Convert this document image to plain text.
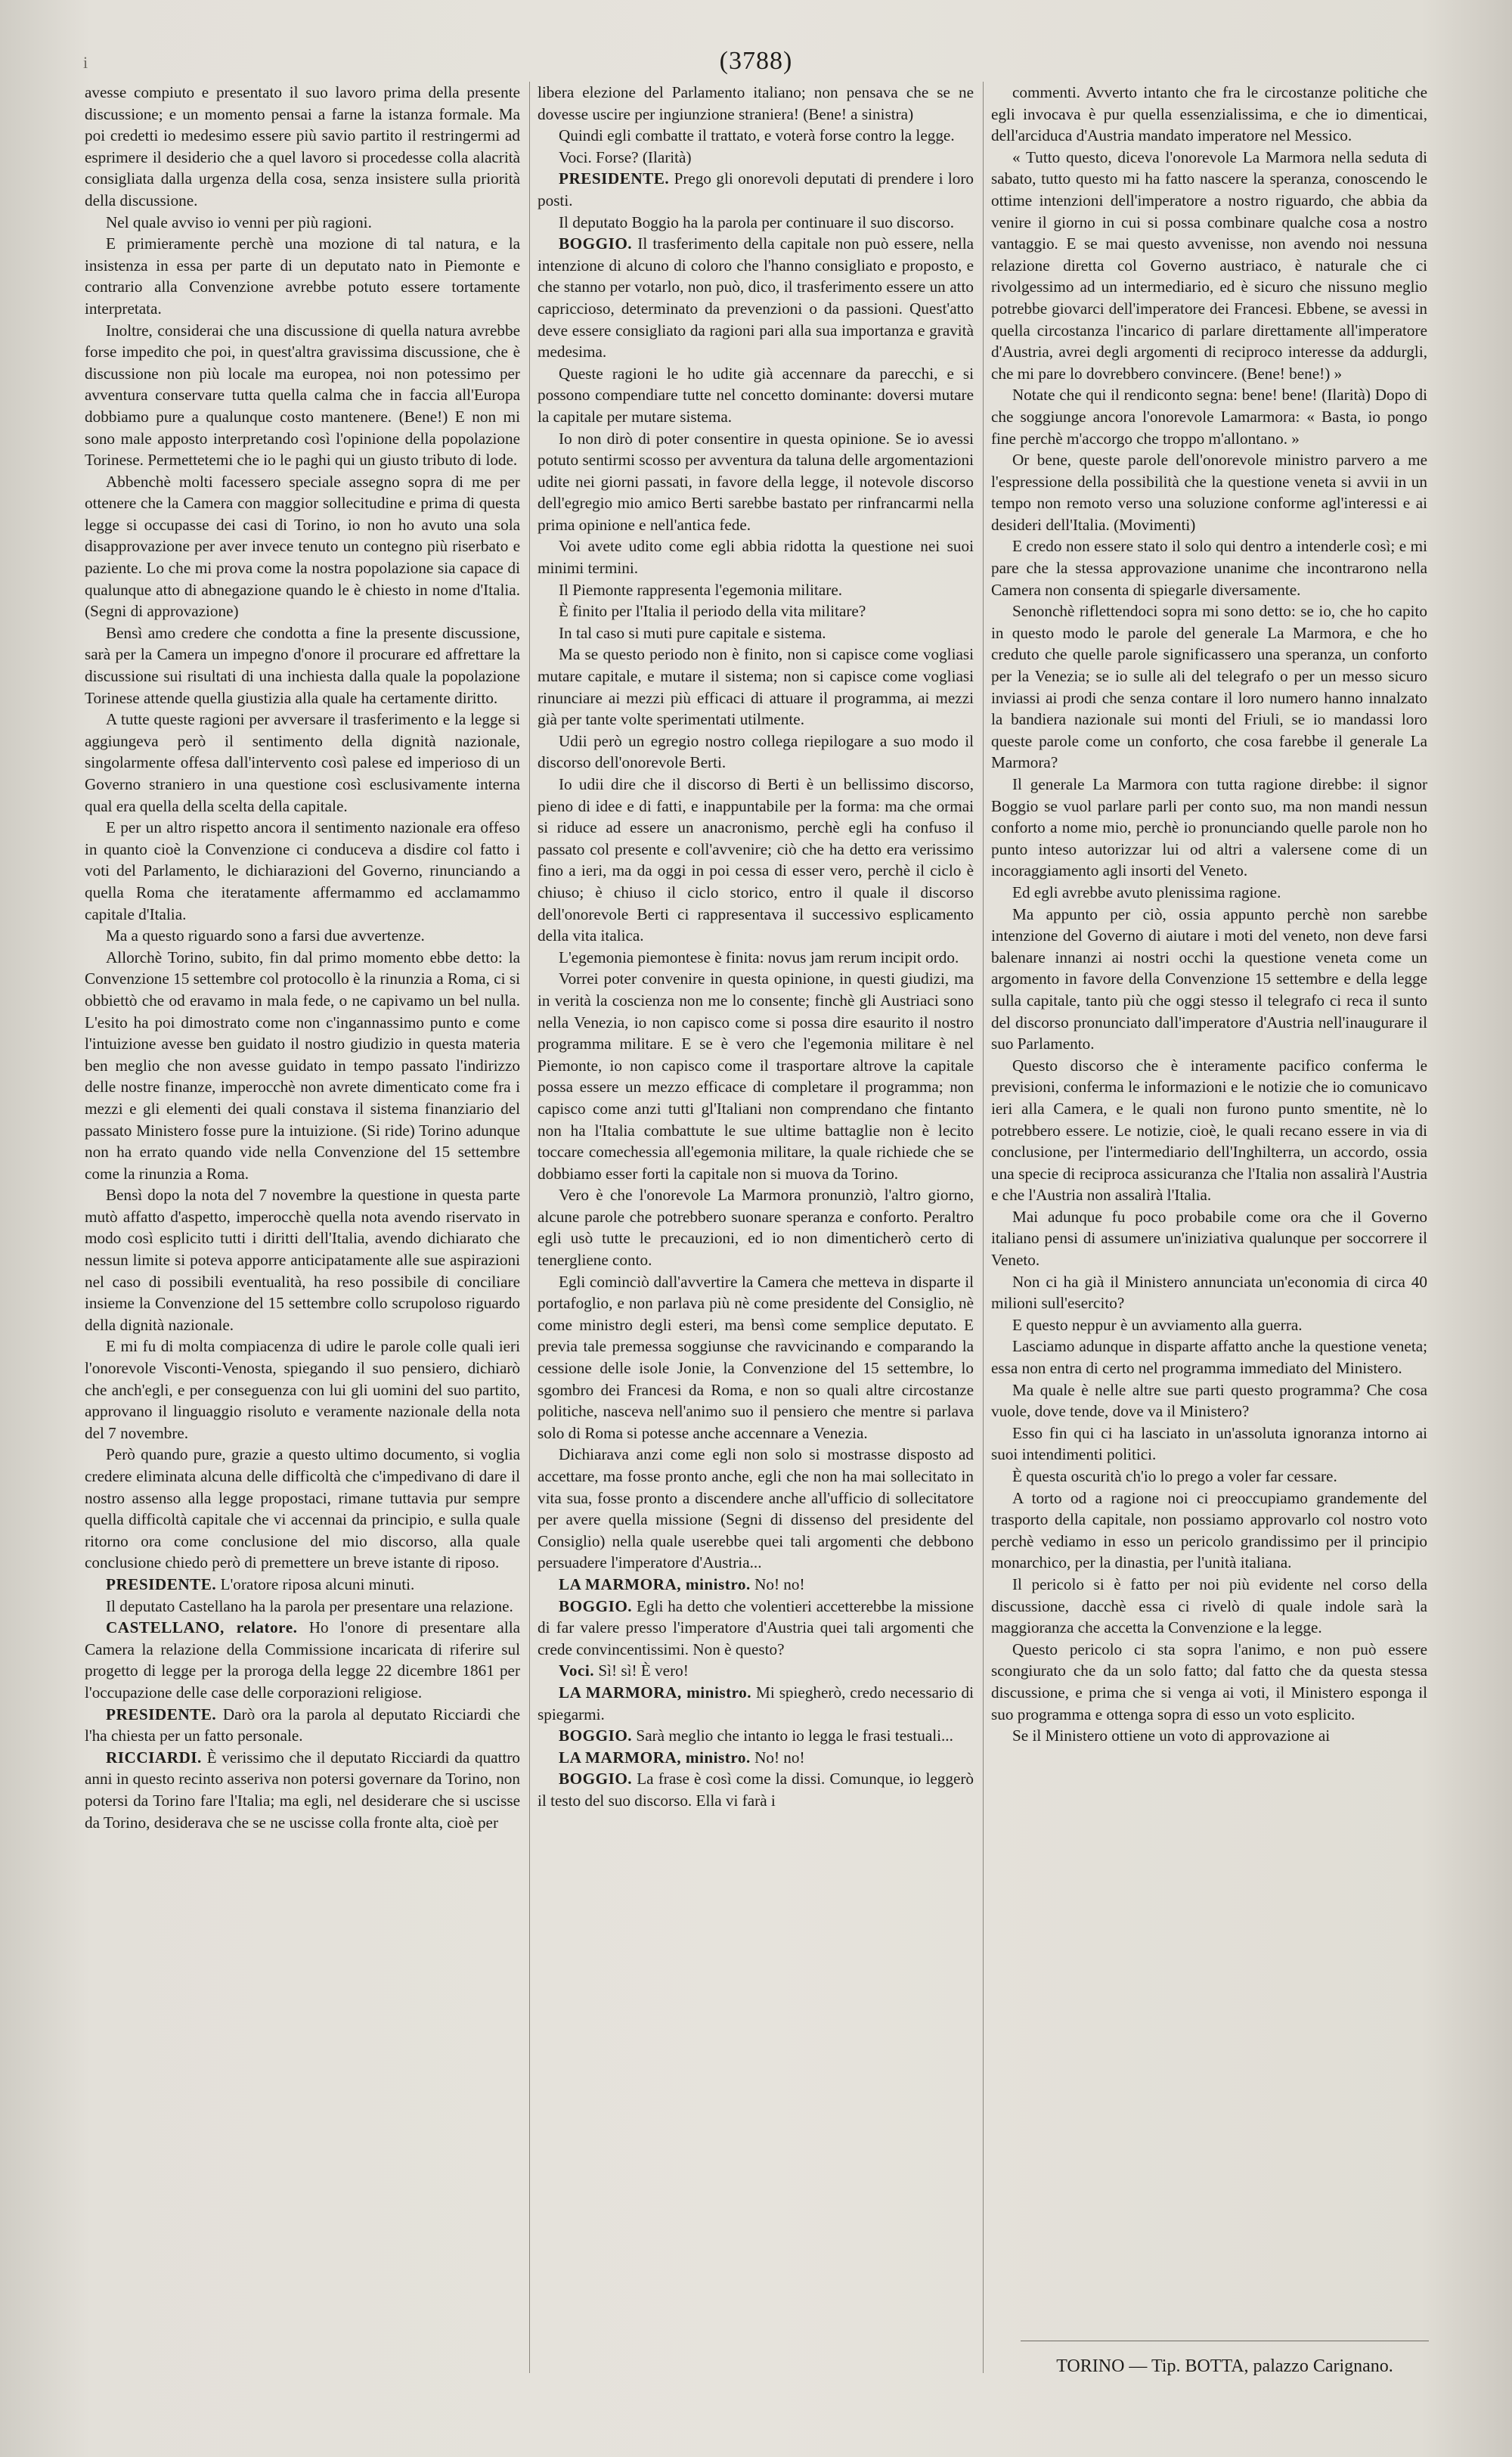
i	(3788)

avesse compiuto e presentato il suo lavoro prima della presente discussione; e un momento pensai a farne la istanza formale. Ma poi credetti io medesimo essere più savio partito il restringermi ad esprimere il desiderio che a quel lavoro si procedesse colla alacrità consigliata dalla urgenza della cosa, senza insistere sulla priorità della discussione.

Nel quale avviso io venni per più ragioni.

E primieramente perchè una mozione di tal natura, e la insistenza in essa per parte di un deputato nato in Piemonte e contrario alla Convenzione avrebbe potuto essere tortamente interpretata.

Inoltre, considerai che una discussione di quella natura avrebbe forse impedito che poi, in quest'altra gravissima discussione, che è discussione non più locale ma europea, noi non potessimo per avventura conservare tutta quella calma che in faccia all'Europa dobbiamo pure a qualunque costo mantenere. (Bene!) E non mi sono male apposto interpretando così l'opinione della popolazione Torinese. Permettetemi che io le paghi qui un giusto tributo di lode.

Abbenchè molti facessero speciale assegno sopra di me per ottenere che la Camera con maggior sollecitudine e prima di questa legge si occupasse dei casi di Torino, io non ho avuto una sola disapprovazione per aver invece tenuto un contegno più riserbato e paziente. Lo che mi prova come la nostra popolazione sia capace di qualunque atto di abnegazione quando le è chiesto in nome d'Italia. (Segni di approvazione)

Bensì amo credere che condotta a fine la presente discussione, sarà per la Camera un impegno d'onore il procurare ed affrettare la discussione sui risultati di una inchiesta dalla quale la popolazione Torinese attende quella giustizia alla quale ha certamente diritto.

A tutte queste ragioni per avversare il trasferimento e la legge si aggiungeva però il sentimento della dignità nazionale, singolarmente offesa dall'intervento così palese ed imperioso di un Governo straniero in una questione così esclusivamente interna qual era quella della scelta della capitale.

E per un altro rispetto ancora il sentimento nazionale era offeso in quanto cioè la Convenzione ci conduceva a disdire col fatto i voti del Parlamento, le dichiarazioni del Governo, rinunciando a quella Roma che iteratamente affermammo ed acclamammo capitale d'Italia.

Ma a questo riguardo sono a farsi due avvertenze.

Allorchè Torino, subito, fin dal primo momento ebbe detto: la Convenzione 15 settembre col protocollo è la rinunzia a Roma, ci si obbiettò che od eravamo in mala fede, o ne capivamo un bel nulla. L'esito ha poi dimostrato come non c'ingannassimo punto e come l'intuizione avesse ben guidato il nostro giudizio in questa materia ben meglio che non avesse guidato in tempo passato l'indirizzo delle nostre finanze, imperocchè non avrete dimenticato come fra i mezzi e gli elementi dei quali constava il sistema finanziario del passato Ministero fosse pure la intuizione. (Si ride) Torino adunque non ha errato quando vide nella Convenzione del 15 settembre come la rinunzia a Roma.

Bensì dopo la nota del 7 novembre la questione in questa parte mutò affatto d'aspetto, imperocchè quella nota avendo riservato in modo così esplicito tutti i diritti dell'Italia, avendo dichiarato che nessun limite si poteva apporre anticipatamente alle sue aspirazioni nel caso di possibili eventualità, ha reso possibile di conciliare insieme la Convenzione del 15 settembre collo scrupoloso riguardo della dignità nazionale.

E mi fu di molta compiacenza di udire le parole colle quali ieri l'onorevole Visconti-Venosta, spiegando il suo pensiero, dichiarò che anch'egli, e per conseguenza con lui gli uomini del suo partito, approvano il linguaggio risoluto e veramente nazionale della nota del 7 novembre.

Però quando pure, grazie a questo ultimo documento, si voglia credere eliminata alcuna delle difficoltà che c'impedivano di dare il nostro assenso alla legge propostaci, rimane tuttavia pur sempre quella difficoltà capitale che vi accennai da principio, e sulla quale ritorno ora come conclusione del mio discorso, alla quale conclusione chiedo però di premettere un breve istante di riposo.

PRESIDENTE. L'oratore riposa alcuni minuti.

Il deputato Castellano ha la parola per presentare una relazione.

CASTELLANO, relatore. Ho l'onore di presentare alla Camera la relazione della Commissione incaricata di riferire sul progetto di legge per la proroga della legge 22 dicembre 1861 per l'occupazione delle case delle corporazioni religiose.

PRESIDENTE. Darò ora la parola al deputato Ricciardi che l'ha chiesta per un fatto personale.

RICCIARDI. È verissimo che il deputato Ricciardi da quattro anni in questo recinto asseriva non potersi governare da Torino, non potersi da Torino fare l'Italia; ma egli, nel desiderare che si uscisse da Torino, desiderava che se ne uscisse colla fronte alta, cioè per

libera elezione del Parlamento italiano; non pensava che se ne dovesse uscire per ingiunzione straniera! (Bene! a sinistra)

Quindi egli combatte il trattato, e voterà forse contro la legge.

Voci. Forse? (Ilarità)

PRESIDENTE. Prego gli onorevoli deputati di prendere i loro posti.

Il deputato Boggio ha la parola per continuare il suo discorso.

BOGGIO. Il trasferimento della capitale non può essere, nella intenzione di alcuno di coloro che l'hanno consigliato e proposto, e che stanno per votarlo, non può, dico, il trasferimento essere un atto capriccioso, determinato da prevenzioni o da passioni. Quest'atto deve essere consigliato da ragioni pari alla sua importanza e gravità medesima.

Queste ragioni le ho udite già accennare da parecchi, e si possono compendiare tutte nel concetto dominante: doversi mutare la capitale per mutare sistema.

Io non dirò di poter consentire in questa opinione. Se io avessi potuto sentirmi scosso per avventura da taluna delle argomentazioni udite nei giorni passati, in favore della legge, il notevole discorso dell'egregio mio amico Berti sarebbe bastato per rinfrancarmi nella prima opinione e nell'antica fede.

Voi avete udito come egli abbia ridotta la questione nei suoi minimi termini.

Il Piemonte rappresenta l'egemonia militare.

È finito per l'Italia il periodo della vita militare?

In tal caso si muti pure capitale e sistema.

Ma se questo periodo non è finito, non si capisce come vogliasi mutare capitale, e mutare il sistema; non si capisce come vogliasi rinunciare ai mezzi più efficaci di attuare il programma, ai mezzi già per tante volte sperimentati utilmente.

Udii però un egregio nostro collega riepilogare a suo modo il discorso dell'onorevole Berti.

Io udii dire che il discorso di Berti è un bellissimo discorso, pieno di idee e di fatti, e inappuntabile per la forma: ma che ormai si riduce ad essere un anacronismo, perchè egli ha confuso il passato col presente e coll'avvenire; ciò che ha detto era verissimo fino a ieri, ma da oggi in poi cessa di esser vero, perchè il ciclo è chiuso; è chiuso il ciclo storico, entro il quale il discorso dell'onorevole Berti ci rappresentava il successivo esplicamento della vita italica.

L'egemonia piemontese è finita: novus jam rerum incipit ordo.

Vorrei poter convenire in questa opinione, in questi giudizi, ma in verità la coscienza non me lo consente; finchè gli Austriaci sono nella Venezia, io non capisco come si possa dire esaurito il nostro programma militare. E se è vero che l'egemonia militare è nel Piemonte, io non capisco come il trasportare altrove la capitale possa essere un mezzo efficace di completare il programma; non capisco come anzi tutti gl'Italiani non comprendano che fintanto non ha l'Italia combattute le sue ultime battaglie non è lecito toccare comechessia all'egemonia militare, la quale richiede che se dobbiamo esser forti la capitale non si muova da Torino.

Vero è che l'onorevole La Marmora pronunziò, l'altro giorno, alcune parole che potrebbero suonare speranza e conforto. Peraltro egli usò tutte le precauzioni, ed io non dimenticherò certo di tenergliene conto.

Egli cominciò dall'avvertire la Camera che metteva in disparte il portafoglio, e non parlava più nè come presidente del Consiglio, nè come ministro degli esteri, ma bensì come semplice deputato. E previa tale premessa soggiunse che ravvicinando e comparando la cessione delle isole Jonie, la Convenzione del 15 settembre, lo sgombro dei Francesi da Roma, e non so quali altre circostanze politiche, nasceva nell'animo suo il pensiero che mentre si parlava solo di Roma si potesse anche accennare a Venezia.

Dichiarava anzi come egli non solo si mostrasse disposto ad accettare, ma fosse pronto anche, egli che non ha mai sollecitato in vita sua, fosse pronto a discendere anche all'ufficio di sollecitatore per avere quella missione (Segni di dissenso del presidente del Consiglio) nella quale userebbe quei tali argomenti che debbono persuadere l'imperatore d'Austria...

LA MARMORA, ministro. No! no!

BOGGIO. Egli ha detto che volentieri accetterebbe la missione di far valere presso l'imperatore d'Austria quei tali argomenti che crede convincentissimi. Non è questo?

Voci. Sì! sì! È vero!

LA MARMORA, ministro. Mi spiegherò, credo necessario di spiegarmi.

BOGGIO. Sarà meglio che intanto io legga le frasi testuali...

LA MARMORA, ministro. No! no!

BOGGIO. La frase è così come la dissi. Comunque, io leggerò il testo del suo discorso. Ella vi farà i

commenti. Avverto intanto che fra le circostanze politiche che egli invocava è pur quella essenzialissima, e che io dimenticai, dell'arciduca d'Austria mandato imperatore nel Messico.

« Tutto questo, diceva l'onorevole La Marmora nella seduta di sabato, tutto questo mi ha fatto nascere la speranza, conoscendo le ottime intenzioni dell'imperatore a nostro riguardo, che abbia da venire il giorno in cui si possa combinare qualche cosa a nostro vantaggio. E se mai questo avvenisse, non avendo noi nessuna relazione diretta col Governo austriaco, è naturale che ci rivolgessimo ad un intermediario, ed è sicuro che nissuno meglio potrebbe giovarci dell'imperatore dei Francesi. Ebbene, se avessi in quella circostanza l'incarico di parlare direttamente all'imperatore d'Austria, avrei degli argomenti di reciproco interesse da addurgli, che mi pare lo dovrebbero convincere. (Bene! bene!) »

Notate che qui il rendiconto segna: bene! bene! (Ilarità) Dopo di che soggiunge ancora l'onorevole Lamarmora: « Basta, io pongo fine perchè m'accorgo che troppo m'allontano. »

Or bene, queste parole dell'onorevole ministro parvero a me l'espressione della possibilità che la questione veneta si avvii in un tempo non remoto verso una soluzione conforme agl'interessi e ai desideri dell'Italia. (Movimenti)

E credo non essere stato il solo qui dentro a intenderle così; e mi pare che la stessa approvazione unanime che incontrarono nella Camera non consenta di spiegarle diversamente.

Senonchè riflettendoci sopra mi sono detto: se io, che ho capito in questo modo le parole del generale La Marmora, e che ho creduto che quelle parole significassero una speranza, un conforto per la Venezia; se io sulle ali del telegrafo o per un messo sicuro inviassi ai prodi che senza contare il loro numero hanno innalzato la bandiera nazionale sui monti del Friuli, se io mandassi loro queste parole come un conforto, che cosa farebbe il generale La Marmora?

Il generale La Marmora con tutta ragione direbbe: il signor Boggio se vuol parlare parli per conto suo, ma non mandi nessun conforto a nome mio, perchè io pronunciando quelle parole non ho punto inteso autorizzar lui od altri a valersene come di un incoraggiamento agli insorti del Veneto.

Ed egli avrebbe avuto plenissima ragione.

Ma appunto per ciò, ossia appunto perchè non sarebbe intenzione del Governo di aiutare i moti del veneto, non deve farsi balenare innanzi ai nostri occhi la questione veneta come un argomento in favore della Convenzione 15 settembre e della legge sulla capitale, tanto più che oggi stesso il telegrafo ci reca il sunto del discorso pronunciato dall'imperatore d'Austria nell'inaugurare il suo Parlamento.

Questo discorso che è interamente pacifico conferma le previsioni, conferma le informazioni e le notizie che io comunicavo ieri alla Camera, e le quali non furono punto smentite, nè lo potrebbero essere. Le notizie, cioè, le quali recano essere in via di conclusione, per l'intermediario dell'Inghilterra, un accordo, ossia una specie di reciproca assicuranza che l'Italia non assalirà l'Austria e che l'Austria non assalirà l'Italia.

Mai adunque fu poco probabile come ora che il Governo italiano pensi di assumere un'iniziativa qualunque per soccorrere il Veneto.

Non ci ha già il Ministero annunciata un'economia di circa 40 milioni sull'esercito?

E questo neppur è un avviamento alla guerra.

Lasciamo adunque in disparte affatto anche la questione veneta; essa non entra di certo nel programma immediato del Ministero.

Ma quale è nelle altre sue parti questo programma? Che cosa vuole, dove tende, dove va il Ministero?

Esso fin qui ci ha lasciato in un'assoluta ignoranza intorno ai suoi intendimenti politici.

È questa oscurità ch'io lo prego a voler far cessare.

A torto od a ragione noi ci preoccupiamo grandemente del trasporto della capitale, non possiamo approvarlo col nostro voto perchè vediamo in esso un pericolo grandissimo per il principio monarchico, per la dinastia, per l'unità italiana.

Il pericolo si è fatto per noi più evidente nel corso della discussione, dacchè essa ci rivelò di quale indole sarà la maggioranza che accetta la Convenzione e la legge.

Questo pericolo ci sta sopra l'animo, e non può essere scongiurato che da un solo fatto; dal fatto che da questa stessa discussione, e prima che si venga ai voti, il Ministero esponga il suo programma e ottenga sopra di esso un voto esplicito.

Se il Ministero ottiene un voto di approvazione ai

TORINO — Tip. BOTTA, palazzo Carignano.
